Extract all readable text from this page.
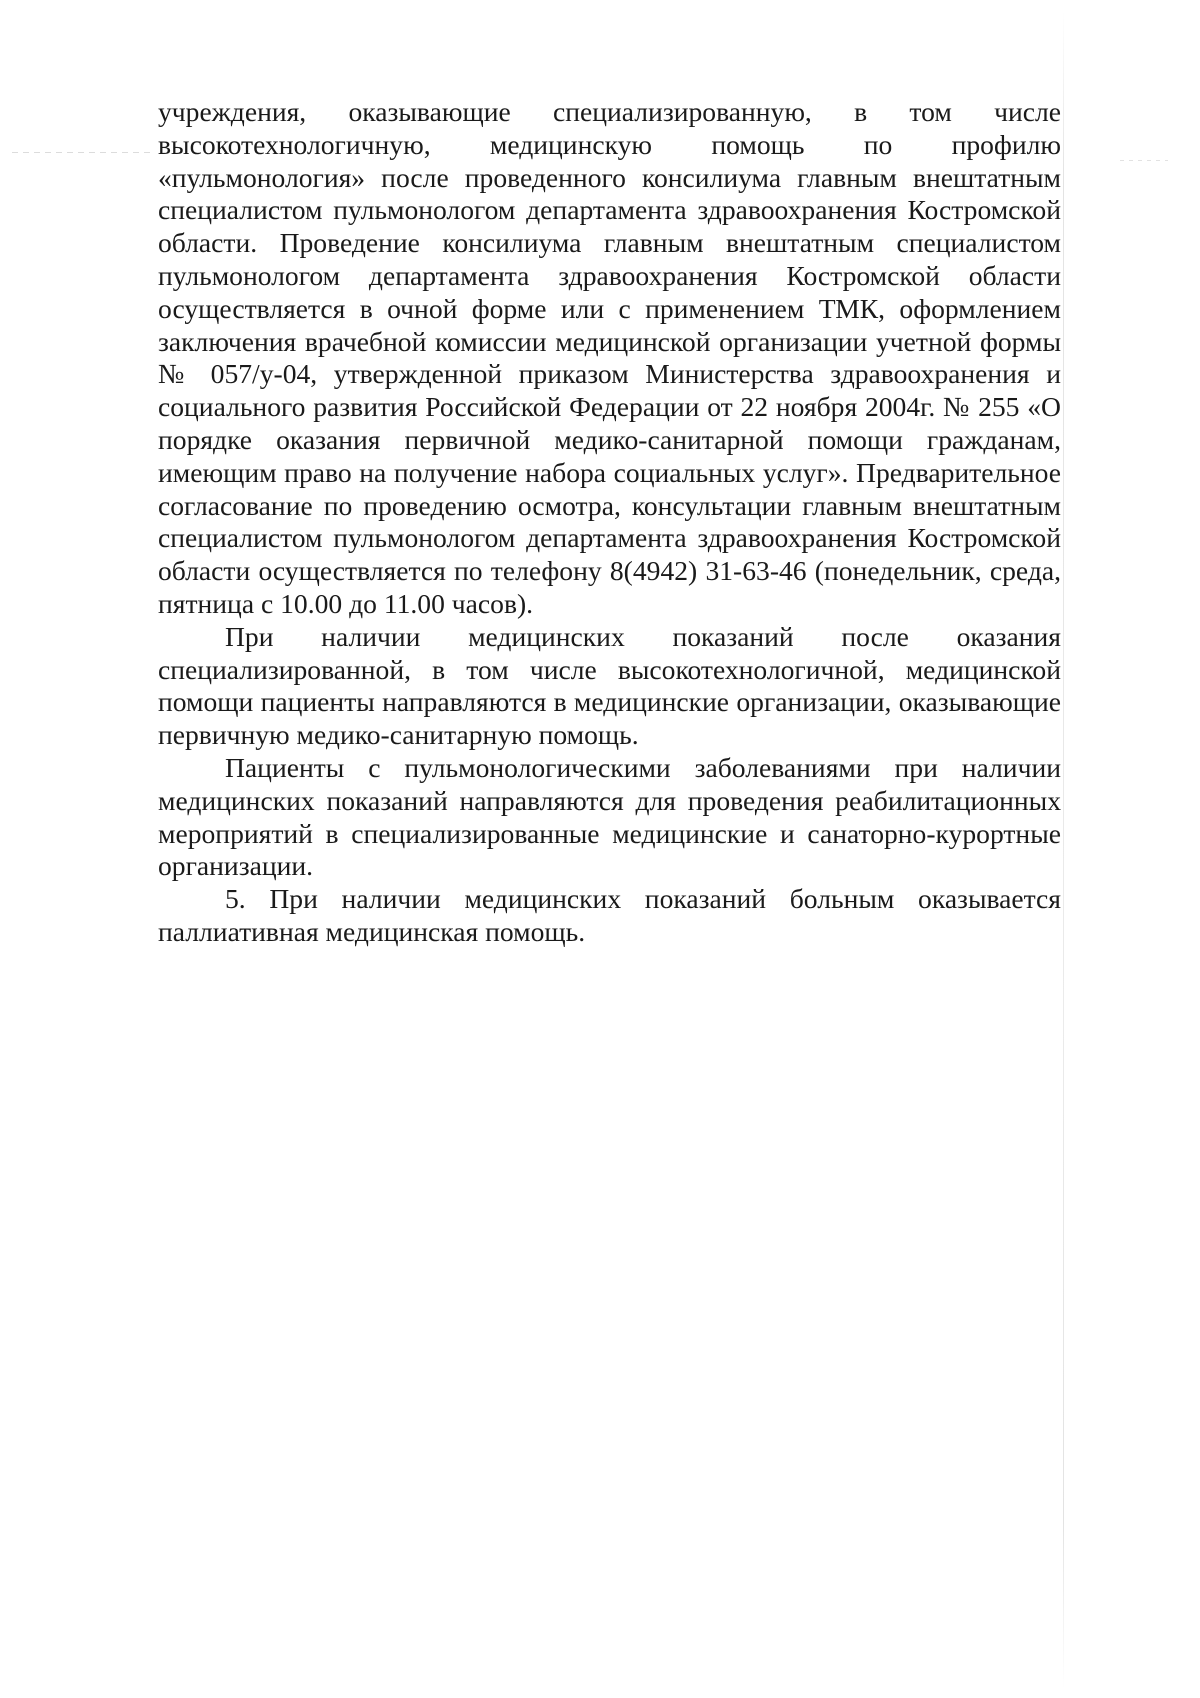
учреждения, оказывающие специализированную, в том числе высокотехнологичную, медицинскую помощь по профилю «пульмонология» после проведенного консилиума главным внештатным специалистом пульмонологом департамента здравоохранения Костромской области. Проведение консилиума главным внештатным специалистом пульмонологом департамента здравоохранения Костромской области осуществляется в очной форме или с применением ТМК, оформлением заключения врачебной комиссии медицинской организации учетной формы № 057/у-04, утвержденной приказом Министерства здравоохранения и социального развития Российской Федерации от 22 ноября 2004г. № 255 «О порядке оказания первичной медико-санитарной помощи гражданам, имеющим право на получение набора социальных услуг». Предварительное согласование по проведению осмотра, консультации главным внештатным специалистом пульмонологом департамента здравоохранения Костромской области осуществляется по телефону 8(4942) 31-63-46 (понедельник, среда, пятница с 10.00 до 11.00 часов).

При наличии медицинских показаний после оказания специализированной, в том числе высокотехнологичной, медицинской помощи пациенты направляются в медицинские организации, оказывающие первичную медико-санитарную помощь.

Пациенты с пульмонологическими заболеваниями при наличии медицинских показаний направляются для проведения реабилитационных мероприятий в специализированные медицинские и санаторно-курортные организации.

5. При наличии медицинских показаний больным оказывается паллиативная медицинская помощь.
